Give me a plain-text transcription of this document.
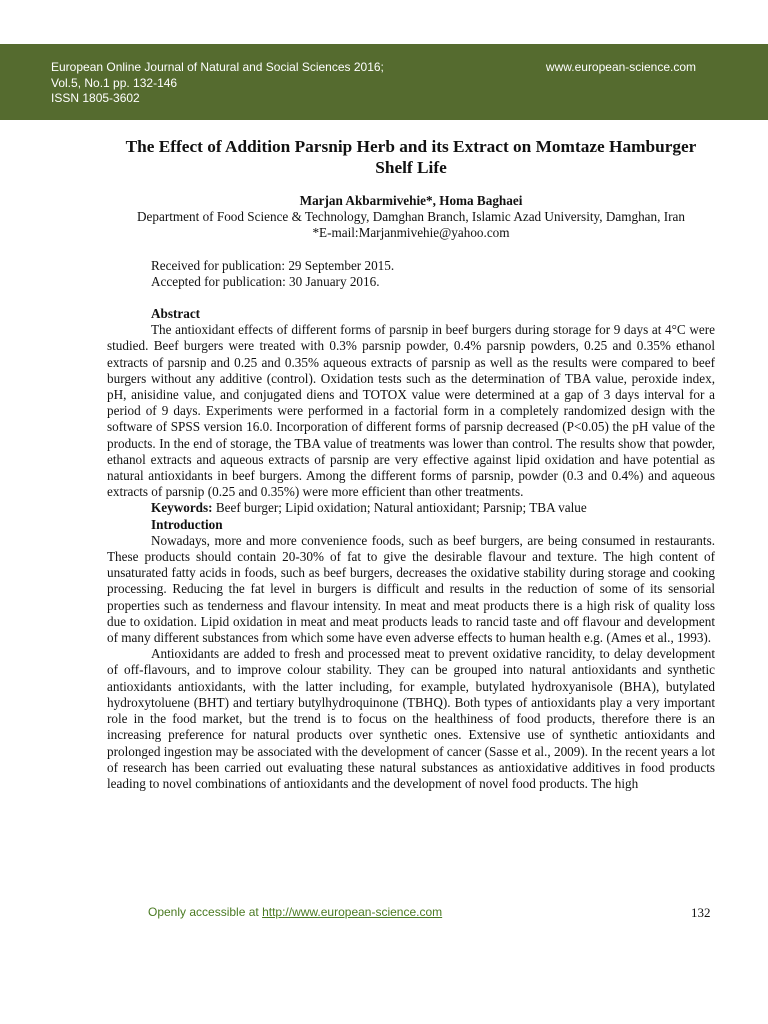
European Online Journal of Natural and Social Sciences 2016;
Vol.5, No.1 pp. 132-146
ISSN 1805-3602
www.european-science.com
The Effect of Addition Parsnip Herb and its Extract on Momtaze Hamburger Shelf Life

Marjan Akbarmivehie*, Homa Baghaei

Department of Food Science & Technology, Damghan Branch, Islamic Azad University, Damghan, Iran

*E-mail:Marjanmivehie@yahoo.com

Received for publication: 29 September 2015.

Accepted for publication: 30 January 2016.

Abstract

The antioxidant effects of different forms of parsnip in beef burgers during storage for 9 days at 4°C were studied. Beef burgers were treated with 0.3% parsnip powder, 0.4% parsnip powders, 0.25 and 0.35% ethanol extracts of parsnip and 0.25 and 0.35% aqueous extracts of parsnip as well as the results were compared to beef burgers without any additive (control). Oxidation tests such as the determination of TBA value, peroxide index, pH, anisidine value, and conjugated diens and TOTOX value were determined at a gap of 3 days interval for a period of 9 days. Experiments were performed in a factorial form in a completely randomized design with the software of SPSS version 16.0. Incorporation of different forms of parsnip decreased (P<0.05) the pH value of the products. In the end of storage, the TBA value of treatments was lower than control. The results show that powder, ethanol extracts and aqueous extracts of parsnip are very effective against lipid oxidation and have potential as natural antioxidants in beef burgers. Among the different forms of parsnip, powder (0.3 and 0.4%) and aqueous extracts of parsnip (0.25 and 0.35%) were more efficient than other treatments.

Keywords: Beef burger; Lipid oxidation; Natural antioxidant; Parsnip; TBA value

Introduction

Nowadays, more and more convenience foods, such as beef burgers, are being consumed in restaurants. These products should contain 20-30% of fat to give the desirable flavour and texture. The high content of unsaturated fatty acids in foods, such as beef burgers, decreases the oxidative stability during storage and cooking processing. Reducing the fat level in burgers is difficult and results in the reduction of some of its sensorial properties such as tenderness and flavour intensity. In meat and meat products there is a high risk of quality loss due to oxidation. Lipid oxidation in meat and meat products leads to rancid taste and off flavour and development of many different substances from which some have even adverse effects to human health e.g. (Ames et al., 1993).

Antioxidants are added to fresh and processed meat to prevent oxidative rancidity, to delay development of off-flavours, and to improve colour stability. They can be grouped into natural antioxidants and synthetic antioxidants antioxidants, with the latter including, for example, butylated hydroxyanisole (BHA), butylated hydroxytoluene (BHT) and tertiary butylhydroquinone (TBHQ). Both types of antioxidants play a very important role in the food market, but the trend is to focus on the healthiness of food products, therefore there is an increasing preference for natural products over synthetic ones. Extensive use of synthetic antioxidants and prolonged ingestion may be associated with the development of cancer (Sasse et al., 2009). In the recent years a lot of research has been carried out evaluating these natural substances as antioxidative additives in food products leading to novel combinations of antioxidants and the development of novel food products. The high

Openly accessible at http://www.european-science.com	132
